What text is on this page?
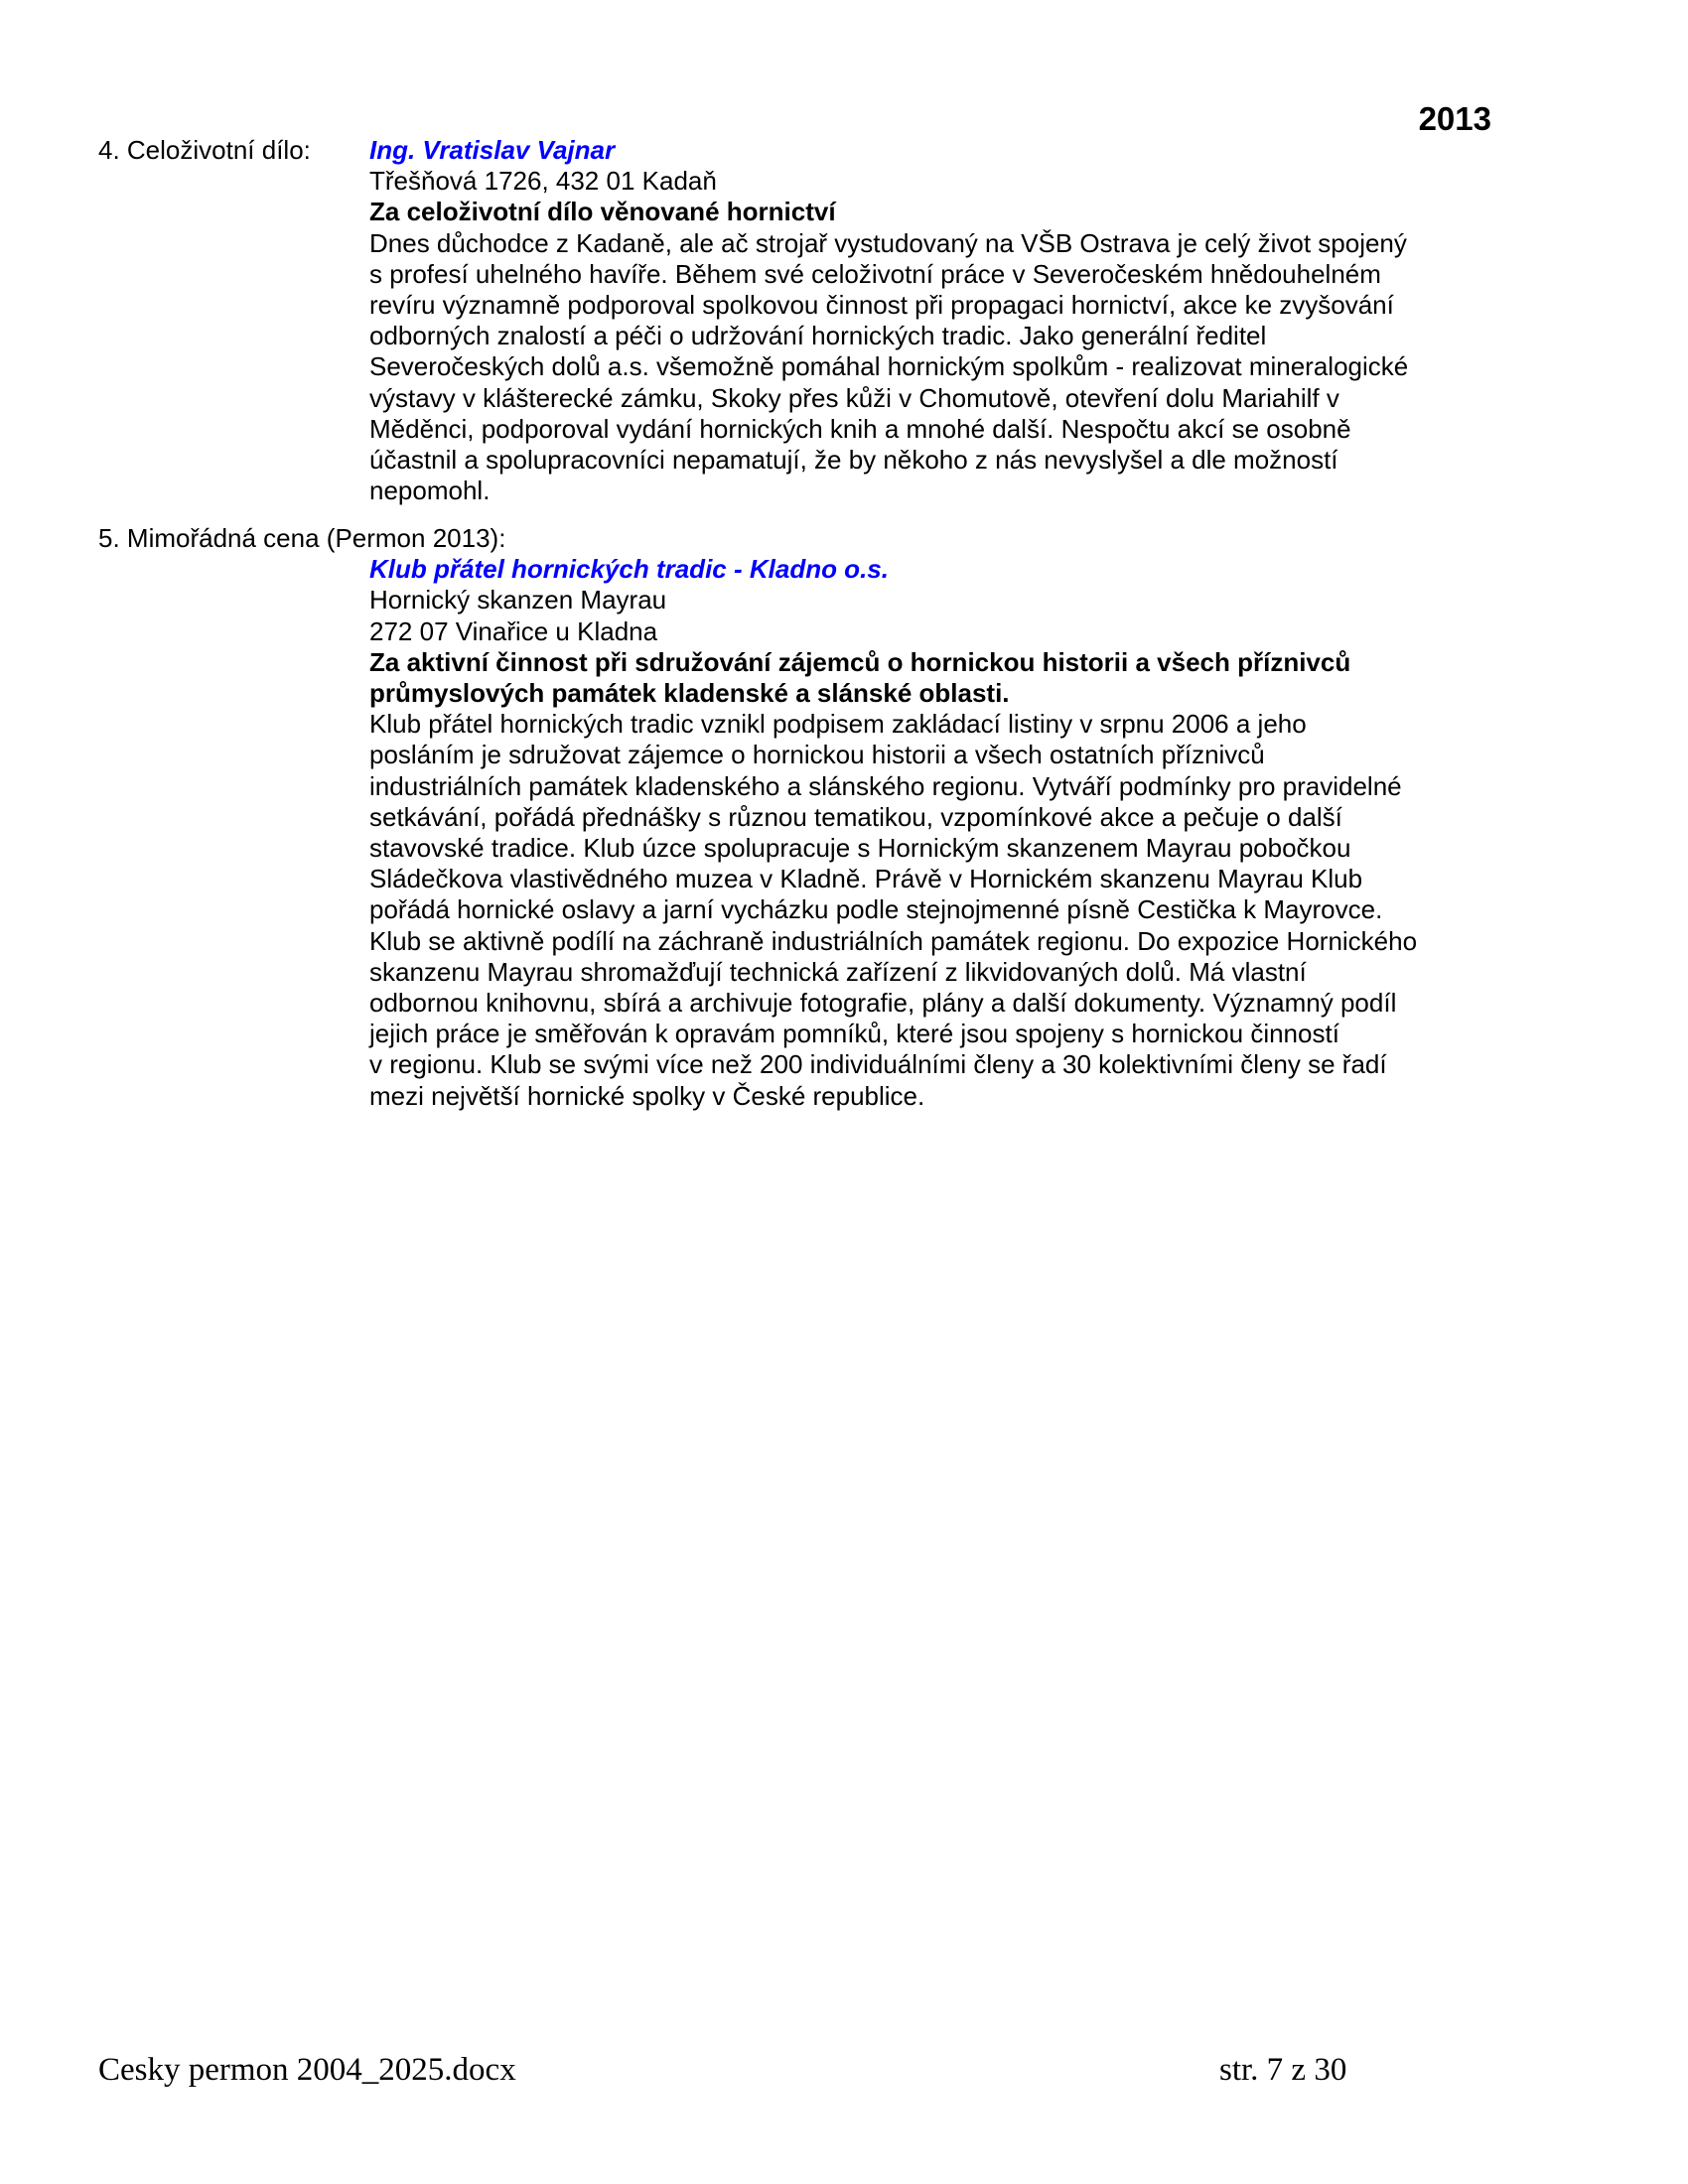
2013
4. Celoživotní dílo: Ing. Vratislav Vajnar
Třešňová 1726, 432 01 Kadaň
Za celoživotní dílo věnované hornictví
Dnes důchodce z Kadaně, ale ač strojař vystudovaný na VŠB Ostrava je celý život spojený
s profesí uhelného havíře. Během své celoživotní práce v Severočeském hnědouhelném
revíru významně podporoval spolkovou činnost při propagaci hornictví, akce ke zvyšování
odborných znalostí a péči o udržování hornických tradic. Jako generální ředitel
Severočeských dolů a.s. všemožně pomáhal hornickým spolkům - realizovat mineralogické
výstavy v klášterecké zámku, Skoky přes kůži v Chomutově, otevření dolu Mariahilf v
Měděnci, podporoval vydání hornických knih a mnohé další. Nespočtu akcí se osobně
účastnil a spolupracovníci nepamatují, že by někoho z nás nevyslyšel a dle možností
nepomohl.
5. Mimořádná cena (Permon 2013):
Klub přátel hornických tradic - Kladno o.s.
Hornický skanzen Mayrau
272 07 Vinařice u Kladna
Za aktivní činnost při sdružování zájemců o hornickou historii a všech příznivců
průmyslových památek kladenské a slánské oblasti.
Klub přátel hornických tradic vznikl podpisem zakládací listiny v srpnu 2006 a jeho
posláním je sdružovat zájemce o hornickou historii a všech ostatních příznivců
industriálních památek kladenského a slánského regionu. Vytváří podmínky pro pravidelné
setkávání, pořádá přednášky s různou tematikou, vzpomínkové akce a pečuje o další
stavovské tradice. Klub úzce spolupracuje s Hornickým skanzenem Mayrau pobočkou
Sládečkova vlastivědného muzea v Kladně. Právě v Hornickém skanzenu Mayrau Klub
pořádá hornické oslavy a jarní vycházku podle stejnojmenné písně Cestička k Mayrovce.
Klub se aktivně podílí na záchraně industriálních památek regionu. Do expozice Hornického
skanzenu Mayrau shromažďují technická zařízení z likvidovaných dolů. Má vlastní
odbornou knihovnu, sbírá a archivuje fotografie, plány a další dokumenty. Významný podíl
jejich práce je směřován k opravám pomníků, které jsou spojeny s hornickou činností
v regionu. Klub se svými více než 200 individuálními členy a 30 kolektivními členy se řadí
mezi největší hornické spolky v České republice.
Cesky permon 2004_2025.docx	str. 7 z 30
